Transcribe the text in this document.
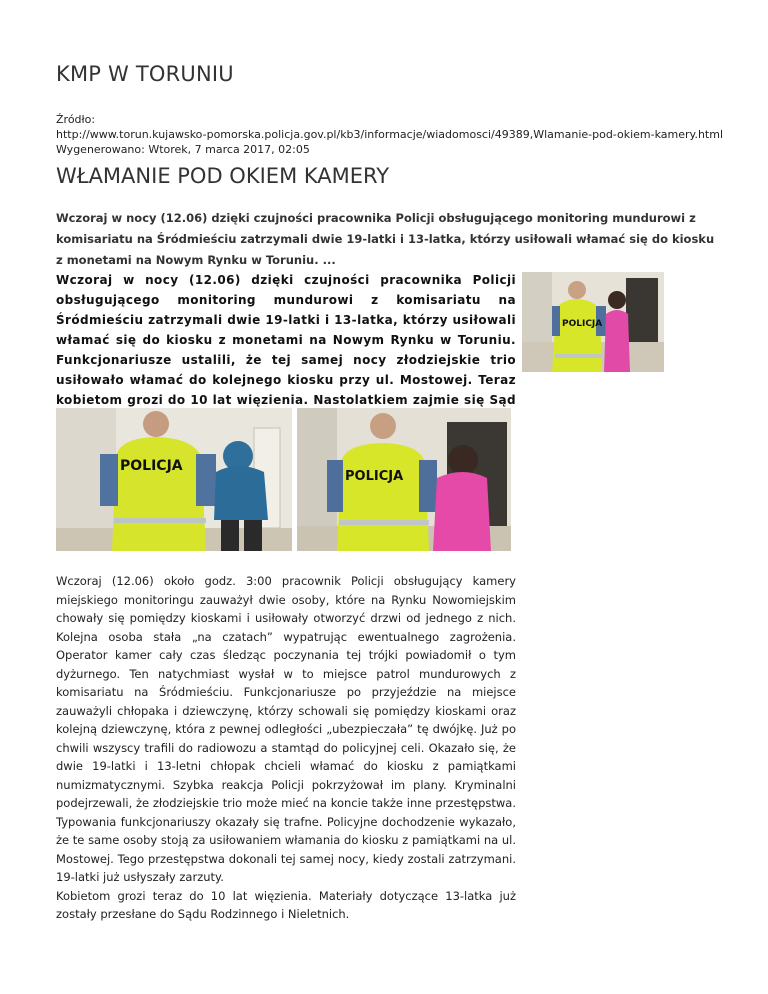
KMP W TORUNIU
Źródło:
http://www.torun.kujawsko-pomorska.policja.gov.pl/kb3/informacje/wiadomosci/49389,Wlamanie-pod-okiem-kamery.html
Wygenerowano: Wtorek, 7 marca 2017, 02:05
WŁAMANIE POD OKIEM KAMERY
Wczoraj w nocy (12.06) dzięki czujności pracownika Policji obsługującego monitoring mundurowi z komisariatu na Śródmieściu zatrzymali dwie 19-latki i 13-latka, którzy usiłowali włamać się do kiosku z monetami na Nowym Rynku w Toruniu. ...
Wczoraj w nocy (12.06) dzięki czujności pracownika Policji obsługującego monitoring mundurowi z komisariatu na Śródmieściu zatrzymali dwie 19-latki i 13-latka, którzy usiłowali włamać się do kiosku z monetami na Nowym Rynku w Toruniu. Funkcjonariusze ustalili, że tej samej nocy złodziejskie trio usiłowało włamać do kolejnego kiosku przy ul. Mostowej. Teraz kobietom grozi do 10 lat więzienia. Nastolatkiem zajmie się Sąd
POLICJA
POLICJA
POLICJA

Wczoraj (12.06) około godz. 3:00 pracownik Policji obsługujący kamery miejskiego monitoringu zauważył dwie osoby, które na Rynku Nowomiejskim chowały się pomiędzy kioskami i usiłowały otworzyć drzwi od jednego z nich. Kolejna osoba stała „na czatach” wypatrując ewentualnego zagrożenia. Operator kamer cały czas śledząc poczynania tej trójki powiadomił o tym dyżurnego. Ten natychmiast wysłał w to miejsce patrol mundurowych z komisariatu na Śródmieściu. Funkcjonariusze po przyjeździe na miejsce zauważyli chłopaka i dziewczynę, którzy schowali się pomiędzy kioskami oraz kolejną dziewczynę, która z pewnej odległości „ubezpieczała” tę dwójkę. Już po chwili wszyscy trafili do radiowozu a stamtąd do policyjnej celi. Okazało się, że dwie 19-latki i 13-letni chłopak chcieli włamać do kiosku z pamiątkami numizmatycznymi. Szybka reakcja Policji pokrzyżował im plany. Kryminalni podejrzewali, że złodziejskie trio może mieć na koncie także inne przestępstwa. Typowania funkcjonariuszy okazały się trafne. Policyjne dochodzenie wykazało, że te same osoby stoją za usiłowaniem włamania do kiosku z pamiątkami na ul. Mostowej. Tego przestępstwa dokonali tej samej nocy, kiedy zostali zatrzymani. 19-latki już usłyszały zarzuty.

Kobietom grozi teraz do 10 lat więzienia. Materiały dotyczące 13-latka już zostały przesłane do Sądu Rodzinnego i Nieletnich.
